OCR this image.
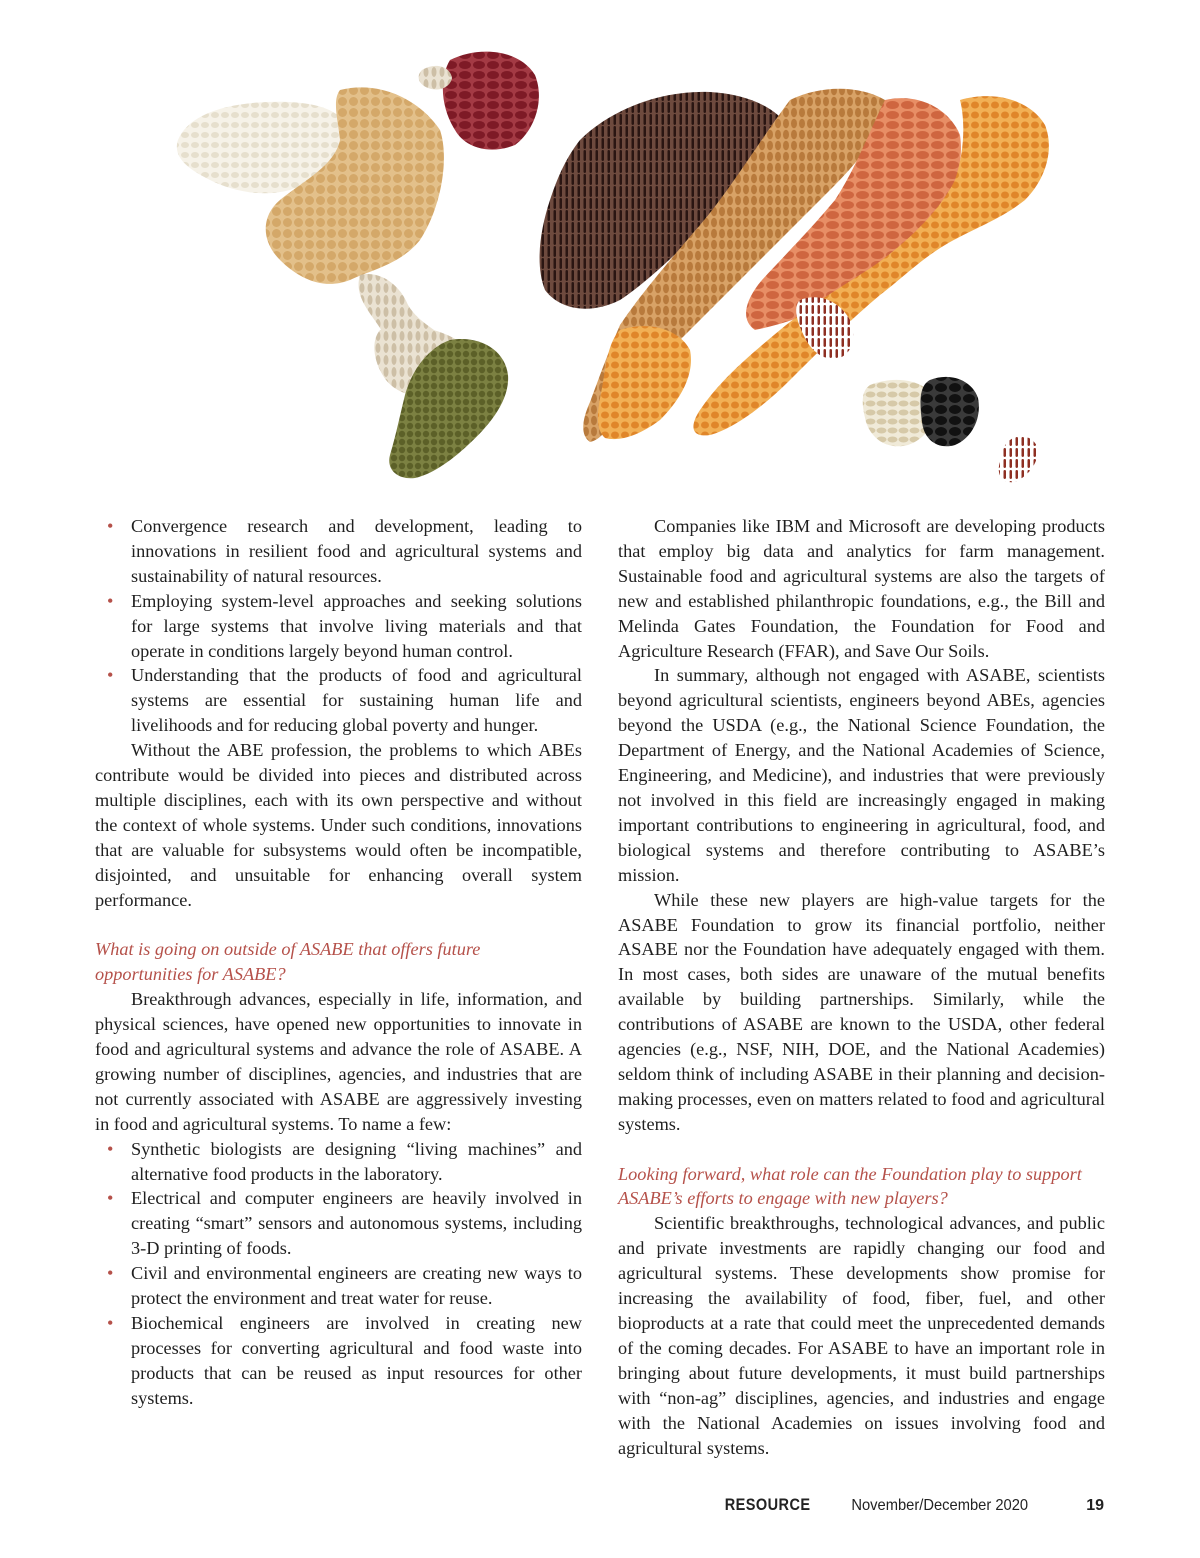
• Convergence research and development, leading to innovations in resilient food and agricultural systems and sustainability of natural resources.
• Employing system-level approaches and seeking solutions for large systems that involve living materials and that operate in conditions largely beyond human control.
• Understanding that the products of food and agricultural systems are essential for sustaining human life and livelihoods and for reducing global poverty and hunger.

Without the ABE profession, the problems to which ABEs contribute would be divided into pieces and distributed across multiple disciplines, each with its own perspective and without the context of whole systems. Under such conditions, innovations that are valuable for subsystems would often be incompatible, disjointed, and unsuitable for enhancing overall system performance.

What is going on outside of ASABE that offers future opportunities for ASABE?

Breakthrough advances, especially in life, information, and physical sciences, have opened new opportunities to innovate in food and agricultural systems and advance the role of ASABE. A growing number of disciplines, agencies, and industries that are not currently associated with ASABE are aggressively investing in food and agricultural systems. To name a few:

• Synthetic biologists are designing “living machines” and alternative food products in the laboratory.
• Electrical and computer engineers are heavily involved in creating “smart” sensors and autonomous systems, including 3-D printing of foods.
• Civil and environmental engineers are creating new ways to protect the environment and treat water for reuse.
• Biochemical engineers are involved in creating new processes for converting agricultural and food waste into products that can be reused as input resources for other systems.

Companies like IBM and Microsoft are developing products that employ big data and analytics for farm management. Sustainable food and agricultural systems are also the targets of new and established philanthropic foundations, e.g., the Bill and Melinda Gates Foundation, the Foundation for Food and Agriculture Research (FFAR), and Save Our Soils.

In summary, although not engaged with ASABE, scientists beyond agricultural scientists, engineers beyond ABEs, agencies beyond the USDA (e.g., the National Science Foundation, the Department of Energy, and the National Academies of Science, Engineering, and Medicine), and industries that were previously not involved in this field are increasingly engaged in making important contributions to engineering in agricultural, food, and biological systems and therefore contributing to ASABE’s mission.

While these new players are high-value targets for the ASABE Foundation to grow its financial portfolio, neither ASABE nor the Foundation have adequately engaged with them. In most cases, both sides are unaware of the mutual benefits available by building partnerships. Similarly, while the contributions of ASABE are known to the USDA, other federal agencies (e.g., NSF, NIH, DOE, and the National Academies) seldom think of including ASABE in their planning and decision-making processes, even on matters related to food and agricultural systems.

Looking forward, what role can the Foundation play to support ASABE’s efforts to engage with new players?

Scientific breakthroughs, technological advances, and public and private investments are rapidly changing our food and agricultural systems. These developments show promise for increasing the availability of food, fiber, fuel, and other bioproducts at a rate that could meet the unprecedented demands of the coming decades. For ASABE to have an important role in bringing about future developments, it must build partnerships with “non-ag” disciplines, agencies, and industries and engage with the National Academies on issues involving food and agricultural systems.

RESOURCE	November/December 2020	19
